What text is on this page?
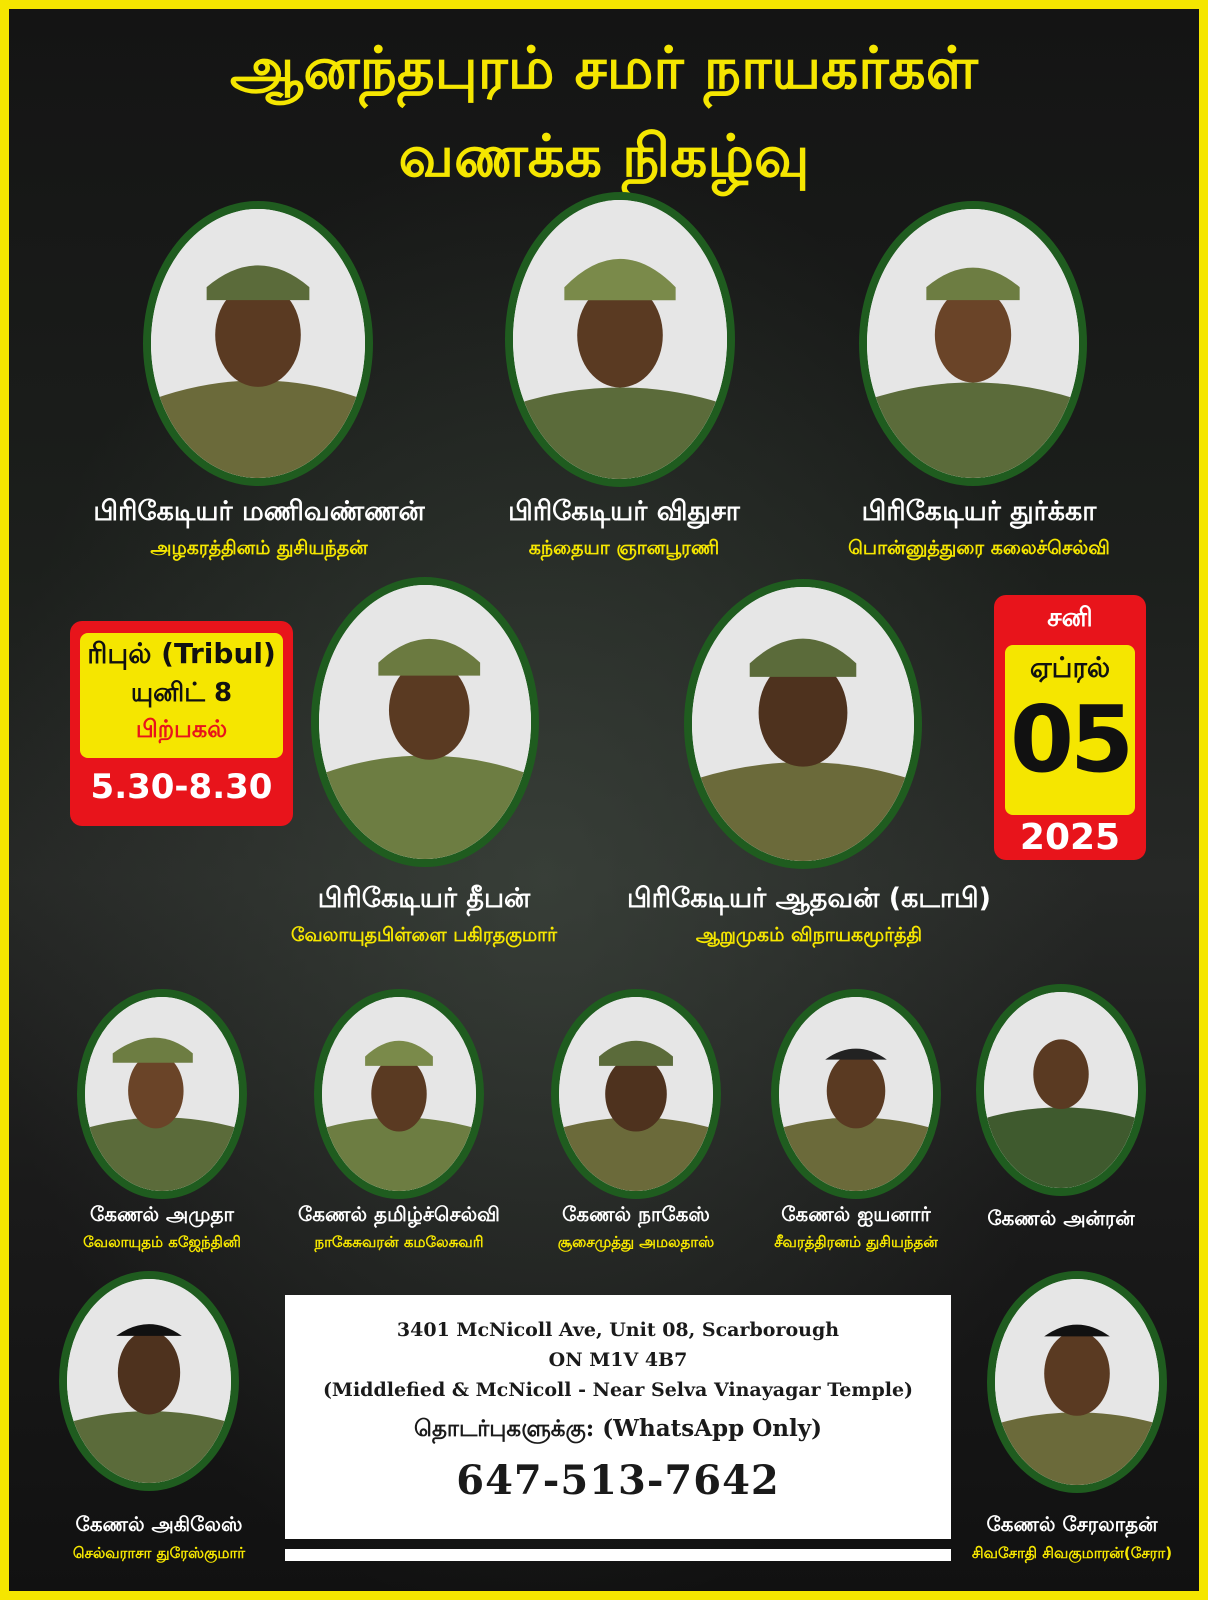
ஆனந்தபுரம் சமர் நாயகர்கள்
வணக்க நிகழ்வு
பிரிகேடியர் மணிவண்ணன்
அழகரத்தினம் துசியந்தன்
பிரிகேடியர் விதுசா
கந்தையா ஞானபூரணி
பிரிகேடியர் துர்க்கா
பொன்னுத்துரை கலைச்செல்வி
ரிபுல் (Tribul)
யுனிட் 8
பிற்பகல்
5.30-8.30
பிரிகேடியர் தீபன்
வேலாயுதபிள்ளை பகிரதகுமார்
பிரிகேடியர் ஆதவன் (கடாபி)
ஆறுமுகம் விநாயகமூர்த்தி
சனி
ஏப்ரல்
05
2025
கேணல் அமுதா
வேலாயுதம் கஜேந்தினி
கேணல் தமிழ்ச்செல்வி
நாகேசுவரன் கமலேசுவரி
கேணல் நாகேஸ்
சூசைமுத்து அமலதாஸ்
கேணல் ஐயனார்
சீவரத்திரனம் துசியந்தன்
கேணல் அன்ரன்
கேணல் அகிலேஸ்
செல்வராசா துரேஸ்குமார்
கேணல் சேரலாதன்
சிவசோதி சிவகுமாரன்(சேரா)
3401 McNicoll Ave, Unit 08, Scarborough
ON M1V 4B7
(Middlefied & McNicoll - Near Selva Vinayagar Temple)
தொடர்புகளுக்கு: (WhatsApp Only)
647-513-7642
